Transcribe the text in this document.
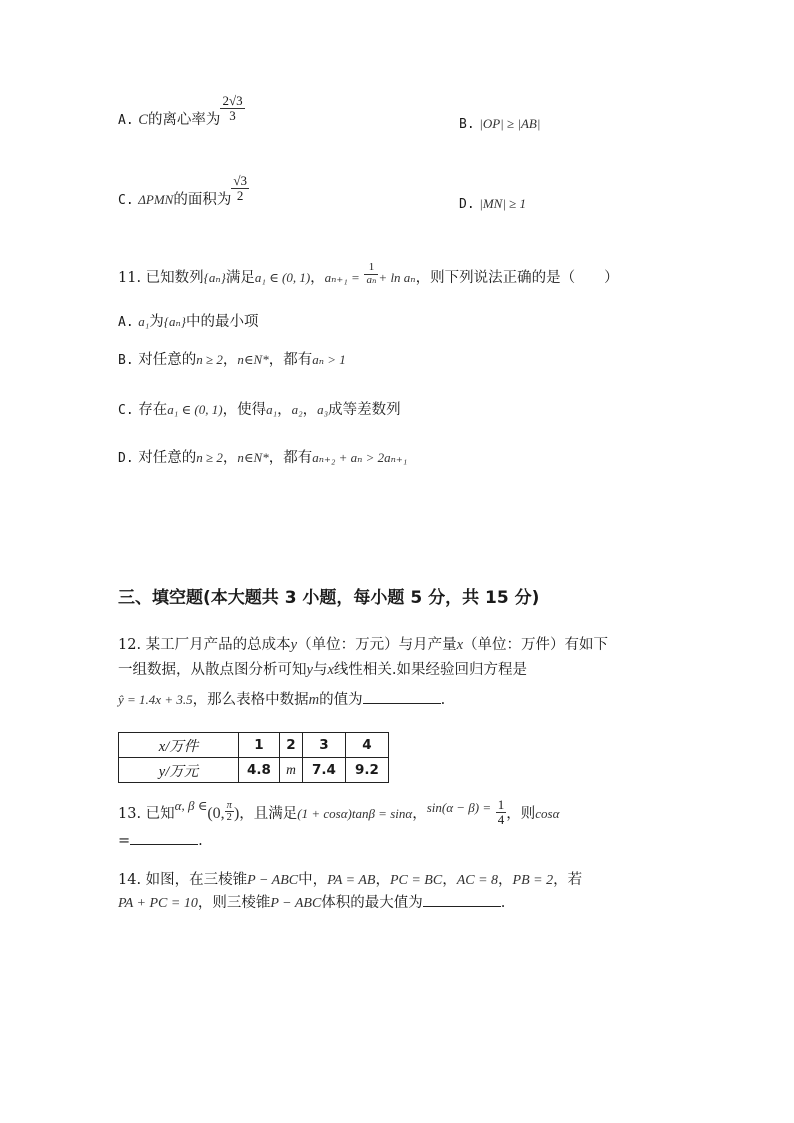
A. C的离心率为 $\frac{2√3}{3}$
B. |OP| ≥ |AB|
C. ΔPMN的面积为 $\frac{√3}{2}$
D. |MN| ≥ 1
11. 已知数列{aₙ}满足a₁ ∈ (0, 1)，$a_{n+1} = \frac{1}{\text{aₙ}} + \ln a_n$，则下列说法正确的是（　　）
A. a₁为{aₙ}中的最小项
B. 对任意的n ≥ 2，n∈N*，都有aₙ > 1
C. 存在a₁ ∈ (0, 1)，使得a₁，a₂，a₃成等差数列
D. 对任意的n ≥ 2，n∈N*，都有aₙ₊₂ + aₙ > 2aₙ₊₁
三、填空题(本大题共 3 小题，每小题 5 分，共 15 分)
12. 某工厂月产品的总成本y（单位：万元）与月产量x（单位：万件）有如下
一组数据，从散点图分析可知y与x线性相关.如果经验回归方程是
ŷ = 1.4x + 3.5，那么表格中数据m的值为	.
x/万件	1	2	3	4
y/万元	4.8	m	7.4	9.2
13. 已知α, β ∈(0, $\frac{\pi}{2}$ )，且满足(1 + cosα)tanβ = sinα，$\sin(\alpha - \beta) = \frac{1}{4}$ ，则cosα
=	.
14. 如图，在三棱锥P − ABC中，PA = AB，PC = BC，AC = 8，PB = 2，若
PA + PC = 10，则三棱锥P − ABC体积的最大值为	.
